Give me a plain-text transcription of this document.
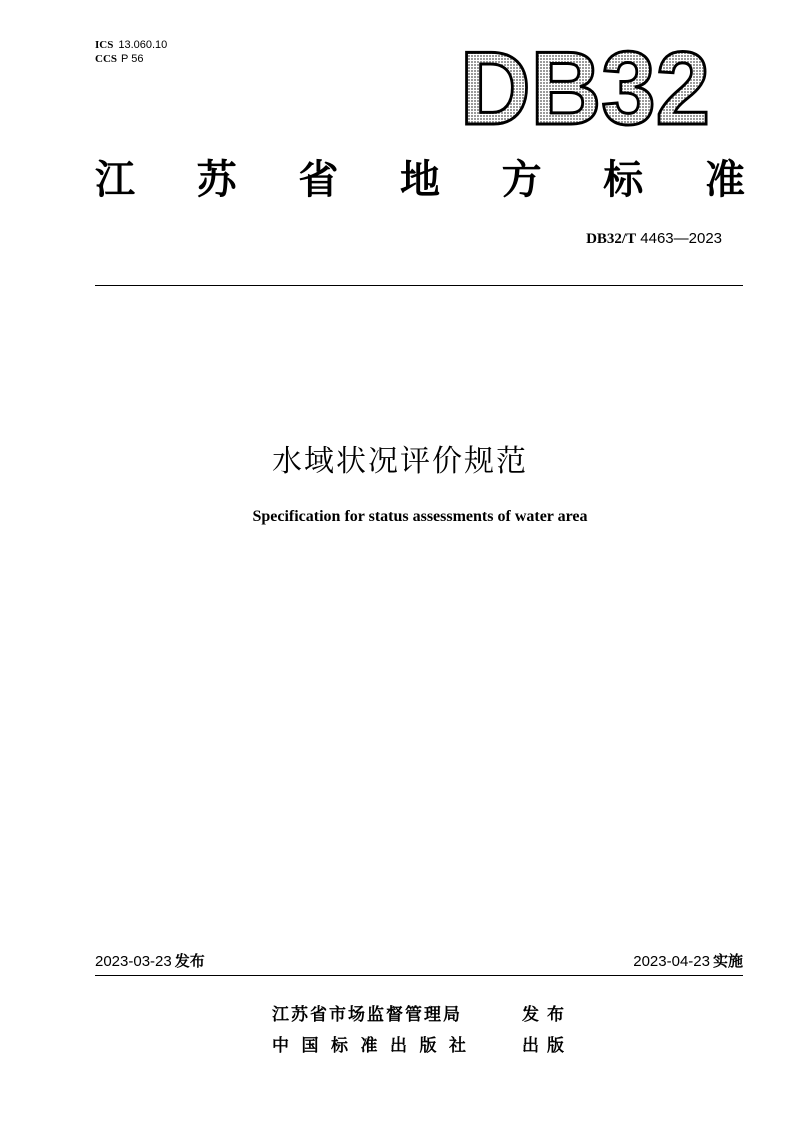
ICS 13.060.10
CCS P 56	DB32
江 苏 省 地 方 标 准
DB32/T 4463—2023
水域状况评价规范
Specification for status assessments of water area
2023-03-23 发布	2023-04-23 实施
江苏省市场监督管理局	发布
中国标准出版社	出版
